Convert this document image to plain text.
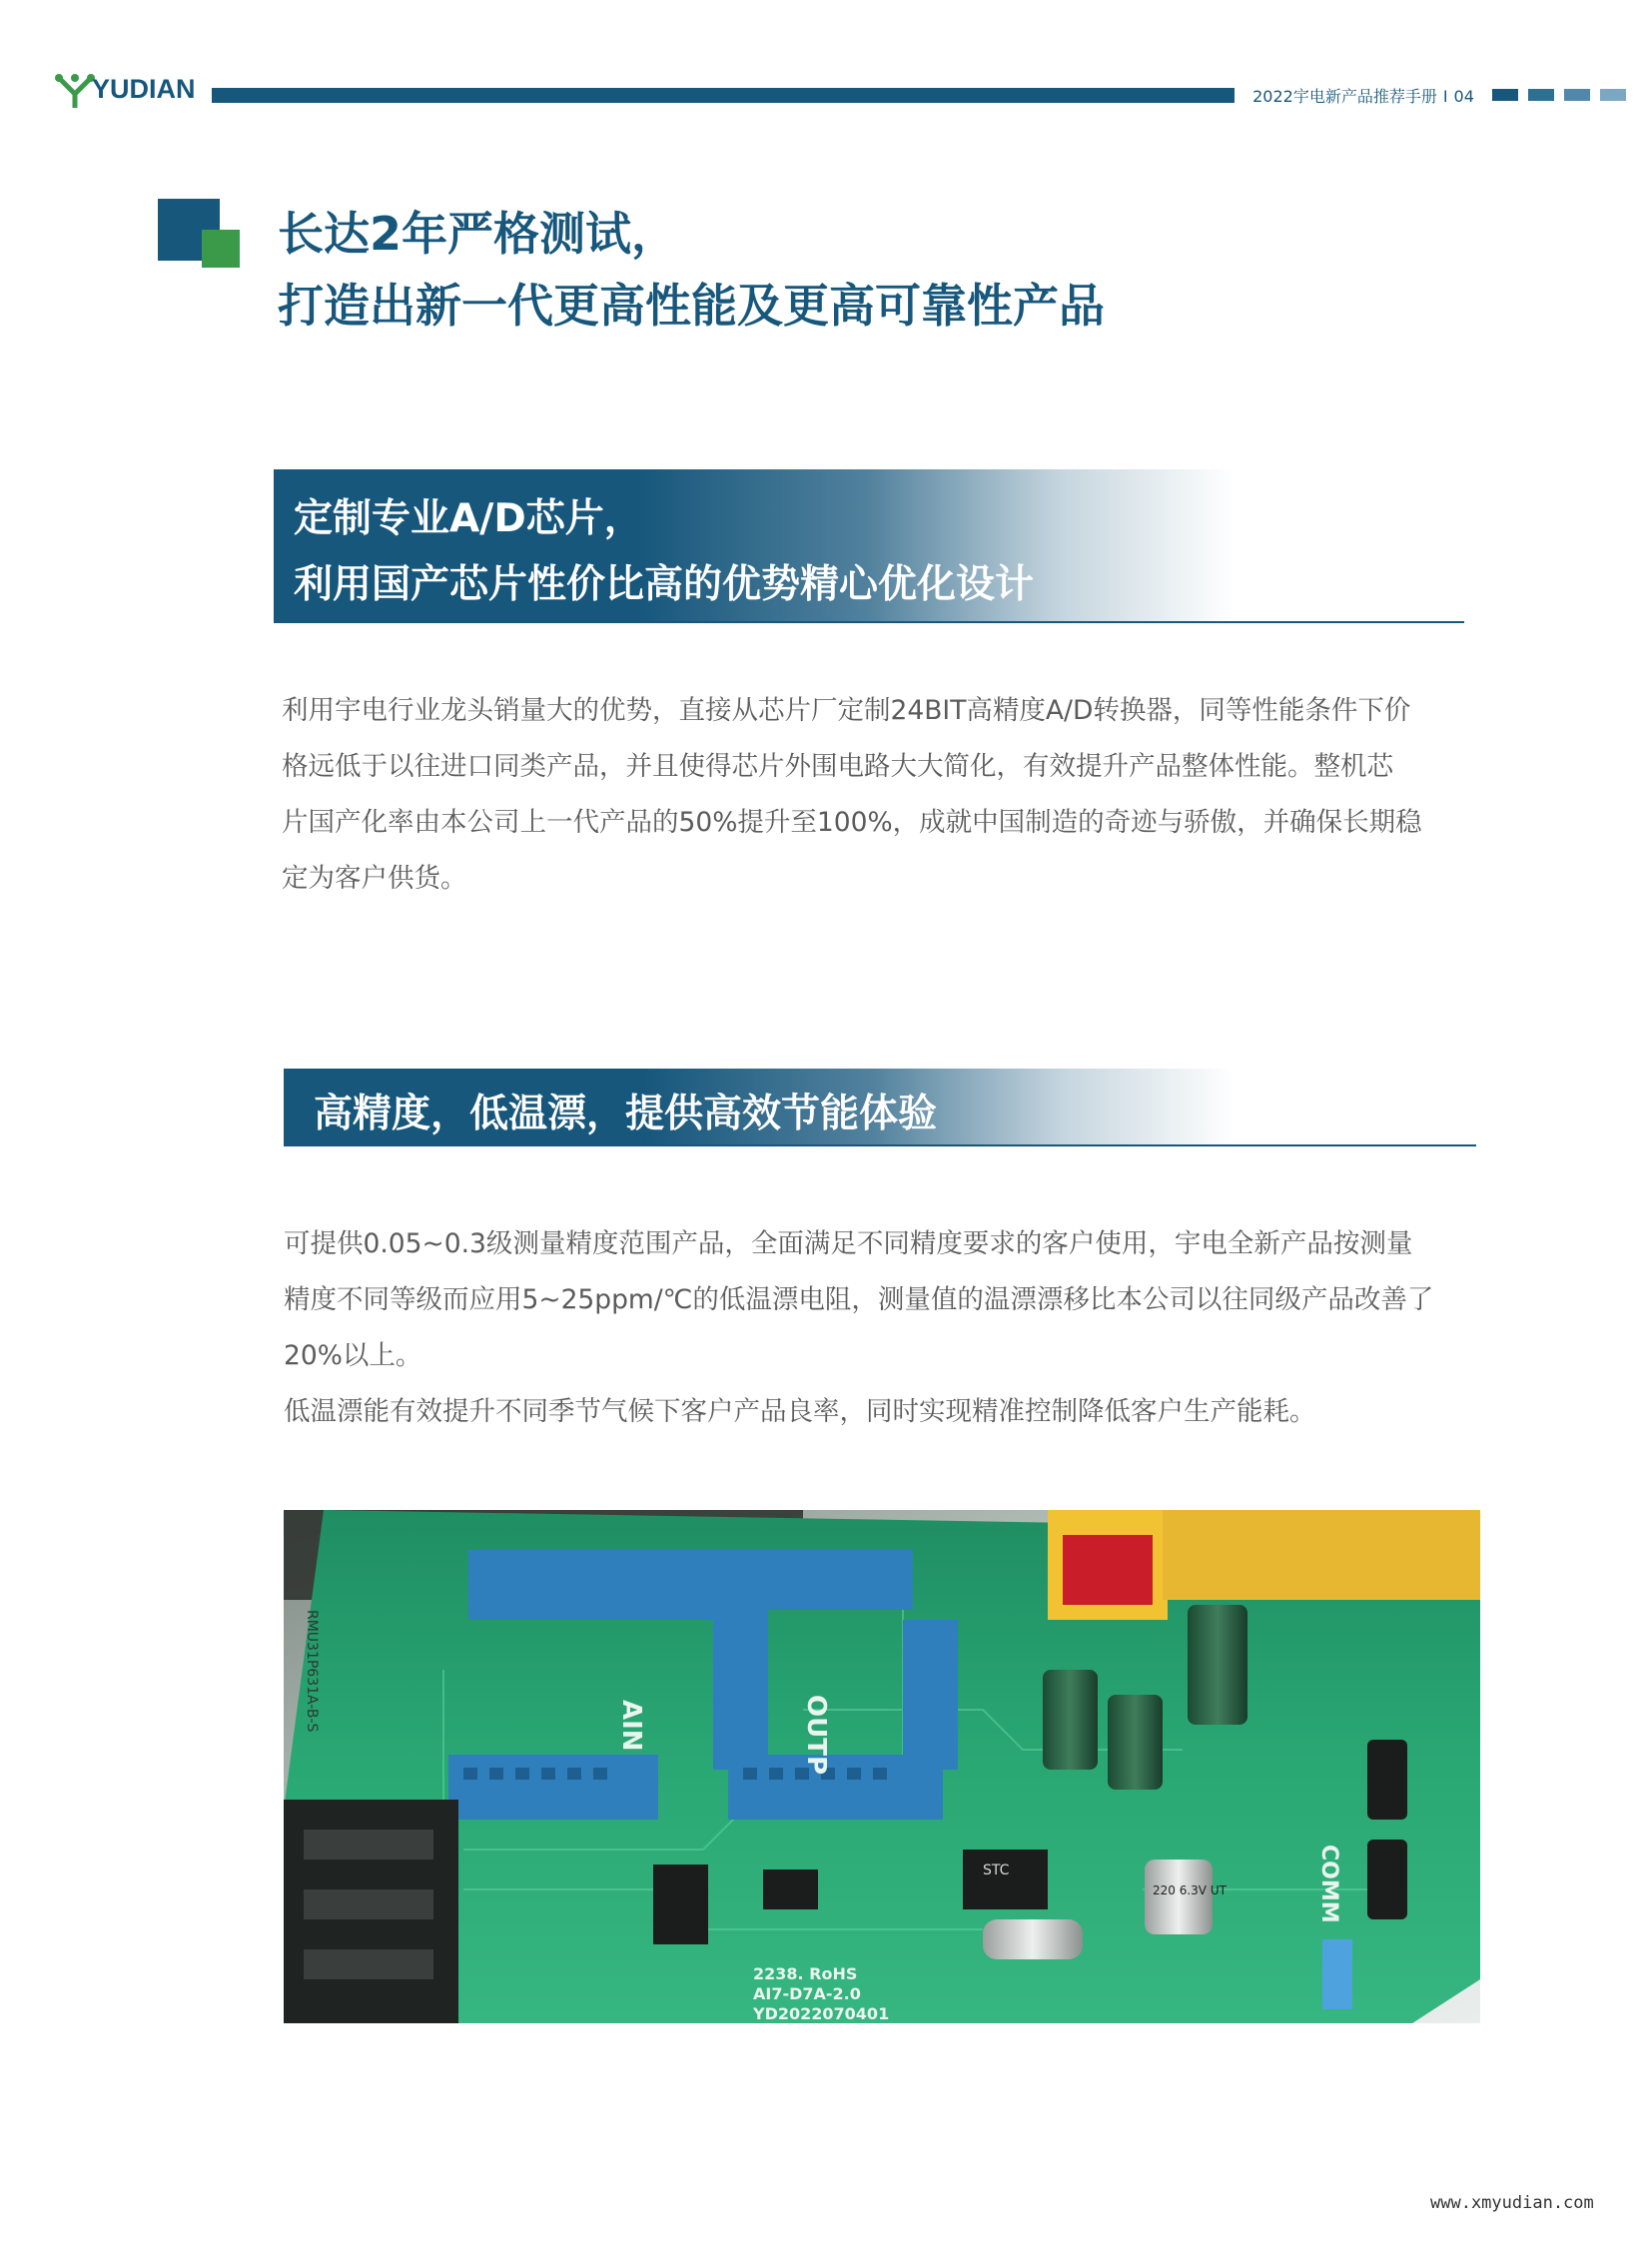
YUDIAN	2022宇电新产品推荐手册 I 04
长达2年严格测试，
打造出新一代更高性能及更高可靠性产品
定制专业A/D芯片，
利用国产芯片性价比高的优势精心优化设计
利用宇电行业龙头销量大的优势，直接从芯片厂定制24BIT高精度A/D转换器，同等性能条件下价
格远低于以往进口同类产品，并且使得芯片外围电路大大简化，有效提升产品整体性能。整机芯
片国产化率由本公司上一代产品的50%提升至100%，成就中国制造的奇迹与骄傲，并确保长期稳
定为客户供货。
高精度，低温漂，提供高效节能体验
可提供0.05~0.3级测量精度范围产品，全面满足不同精度要求的客户使用，宇电全新产品按测量
精度不同等级而应用5~25ppm/℃的低温漂电阻，测量值的温漂漂移比本公司以往同级产品改善了
20%以上。
低温漂能有效提升不同季节气候下客户产品良率，同时实现精准控制降低客户生产能耗。
AIN	OUTP
COMM
2238. RoHS
AI7-D7A-2.0
YD2022070401
STC
220 6.3V UT
RMU31P631A-B-S
www.xmyudian.com
